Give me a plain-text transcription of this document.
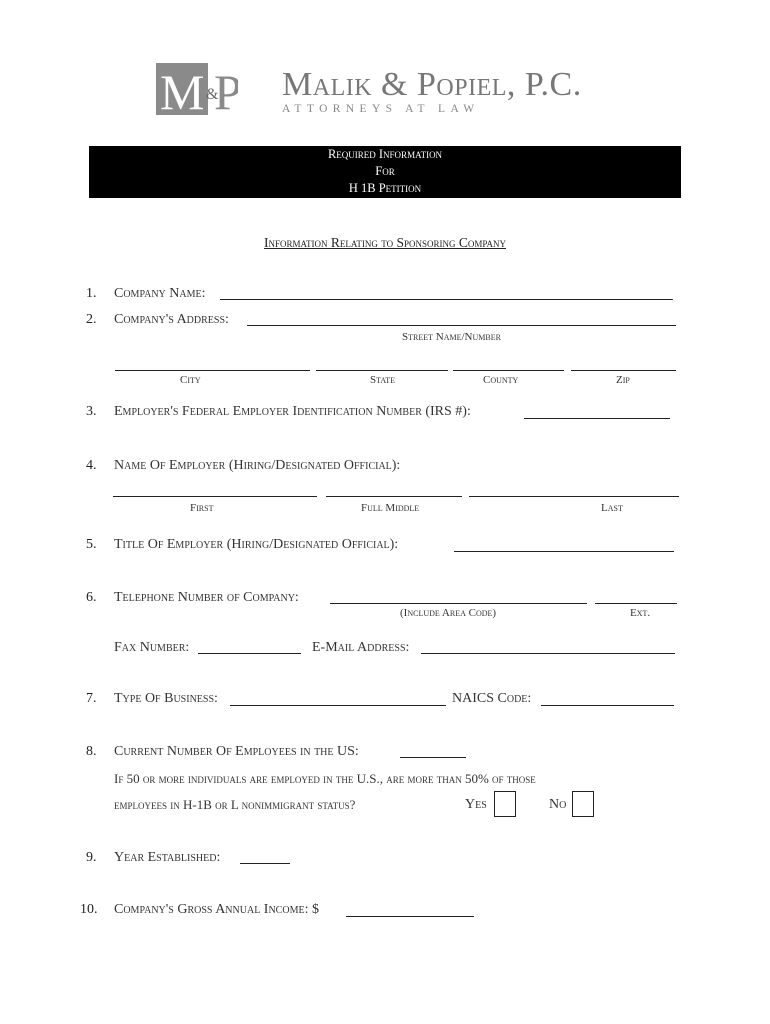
M &
P Malik & Popiel, P.C.
ATTORNEYS AT LAW
Required Information
For
H 1B Petition
Information Relating to Sponsoring Company
1. Company Name:
2. Company's Address:
Street Name/Number
City	State	County	Zip
3. Employer's Federal Employer Identification Number (IRS #):
4. Name Of Employer (Hiring/Designated Official):
First	Full Middle	Last
5. Title Of Employer (Hiring/Designated Official):
6. Telephone Number of Company:
(Include Area Code)	Ext.
Fax Number:	E-Mail Address:
7. Type Of Business:	NAICS Code:
8. Current Number Of Employees in the US:
If 50 or more individuals are employed in the U.S., are more than 50% of those
employees in H-1B or L nonimmigrant status?	Yes	No
9. Year Established:
10. Company's Gross Annual Income: $
